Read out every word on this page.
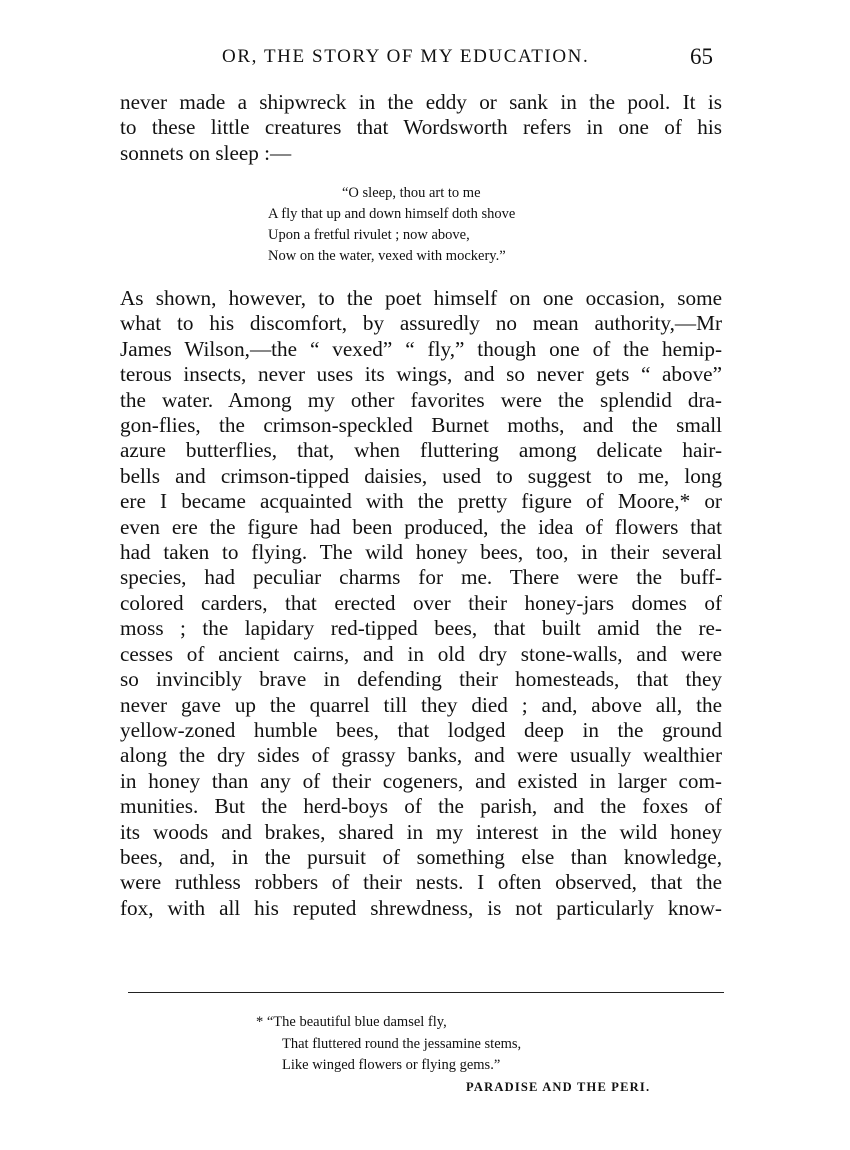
OR, THE STORY OF MY EDUCATION.	65
never made a shipwreck in the eddy or sank in the pool. It is
to these little creatures that Wordsworth refers in one of his
sonnets on sleep :—
“O sleep, thou art to me
A fly that up and down himself doth shove
Upon a fretful rivulet ; now above,
Now on the water, vexed with mockery.”
As shown, however, to the poet himself on one occasion, some
what to his discomfort, by assuredly no mean authority,—Mr
James Wilson,—the “ vexed” “ fly,” though one of the hemip-
terous insects, never uses its wings, and so never gets “ above”
the water. Among my other favorites were the splendid dra-
gon-flies, the crimson-speckled Burnet moths, and the small
azure butterflies, that, when fluttering among delicate hair-
bells and crimson-tipped daisies, used to suggest to me, long
ere I became acquainted with the pretty figure of Moore,* or
even ere the figure had been produced, the idea of flowers that
had taken to flying. The wild honey bees, too, in their several
species, had peculiar charms for me. There were the buff-
colored carders, that erected over their honey-jars domes of
moss ; the lapidary red-tipped bees, that built amid the re-
cesses of ancient cairns, and in old dry stone-walls, and were
so invincibly brave in defending their homesteads, that they
never gave up the quarrel till they died ; and, above all, the
yellow-zoned humble bees, that lodged deep in the ground
along the dry sides of grassy banks, and were usually wealthier
in honey than any of their cogeners, and existed in larger com-
munities. But the herd-boys of the parish, and the foxes of
its woods and brakes, shared in my interest in the wild honey
bees, and, in the pursuit of something else than knowledge,
were ruthless robbers of their nests. I often observed, that the
fox, with all his reputed shrewdness, is not particularly know-
* “The beautiful blue damsel fly,
That fluttered round the jessamine stems,
Like winged flowers or flying gems.”
PARADISE AND THE PERI.
